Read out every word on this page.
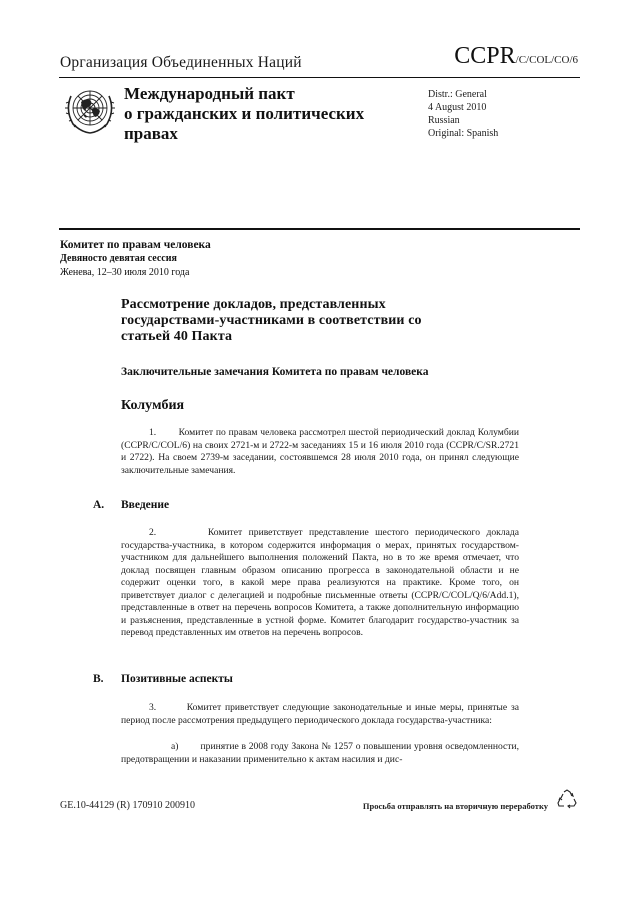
Организация Объединенных Наций	CCPR/C/COL/CO/6
Международный пакт
о гражданских и политических
правах
Distr.: General
4 August 2010
Russian
Original: Spanish
Комитет по правам человека
Девяносто девятая сессия
Женева, 12–30 июля 2010 года
Рассмотрение докладов, представленных
государствами-участниками в соответствии со
статьей 40 Пакта
Заключительные замечания Комитета по правам человека
Колумбия
1. Комитет по правам человека рассмотрел шестой периодический доклад Колумбии (CCPR/C/COL/6) на своих 2721-м и 2722-м заседаниях 15 и 16 июля 2010 года (CCPR/C/SR.2721 и 2722). На своем 2739-м заседании, состоявшемся 28 июля 2010 года, он принял следующие заключительные замечания.
A. Введение
2.	Комитет приветствует представление шестого периодического доклада государства-участника, в котором содержится информация о мерах, принятых государством-участником для дальнейшего выполнения положений Пакта, но в то же время отмечает, что доклад посвящен главным образом описанию прогресса в законодательной области и не содержит оценки того, в какой мере права реализуются на практике. Кроме того, он приветствует диалог с делегацией и подробные письменные ответы (CCPR/C/COL/Q/6/Add.1), представленные в ответ на перечень вопросов Комитета, а также дополнительную информацию и разъяснения, представленные в устной форме. Комитет благодарит государство-участник за перевод представленных им ответов на перечень вопросов.
B. Позитивные аспекты
3.	Комитет приветствует следующие законодательные и иные меры, принятые за период после рассмотрения предыдущего периодического доклада государства-участника:
a) принятие в 2008 году Закона № 1257 о повышении уровня осведомленности, предотвращении и наказании применительно к актам насилия и дис-
GE.10-44129 (R) 170910 200910	Просьба отправлять на вторичную переработку
